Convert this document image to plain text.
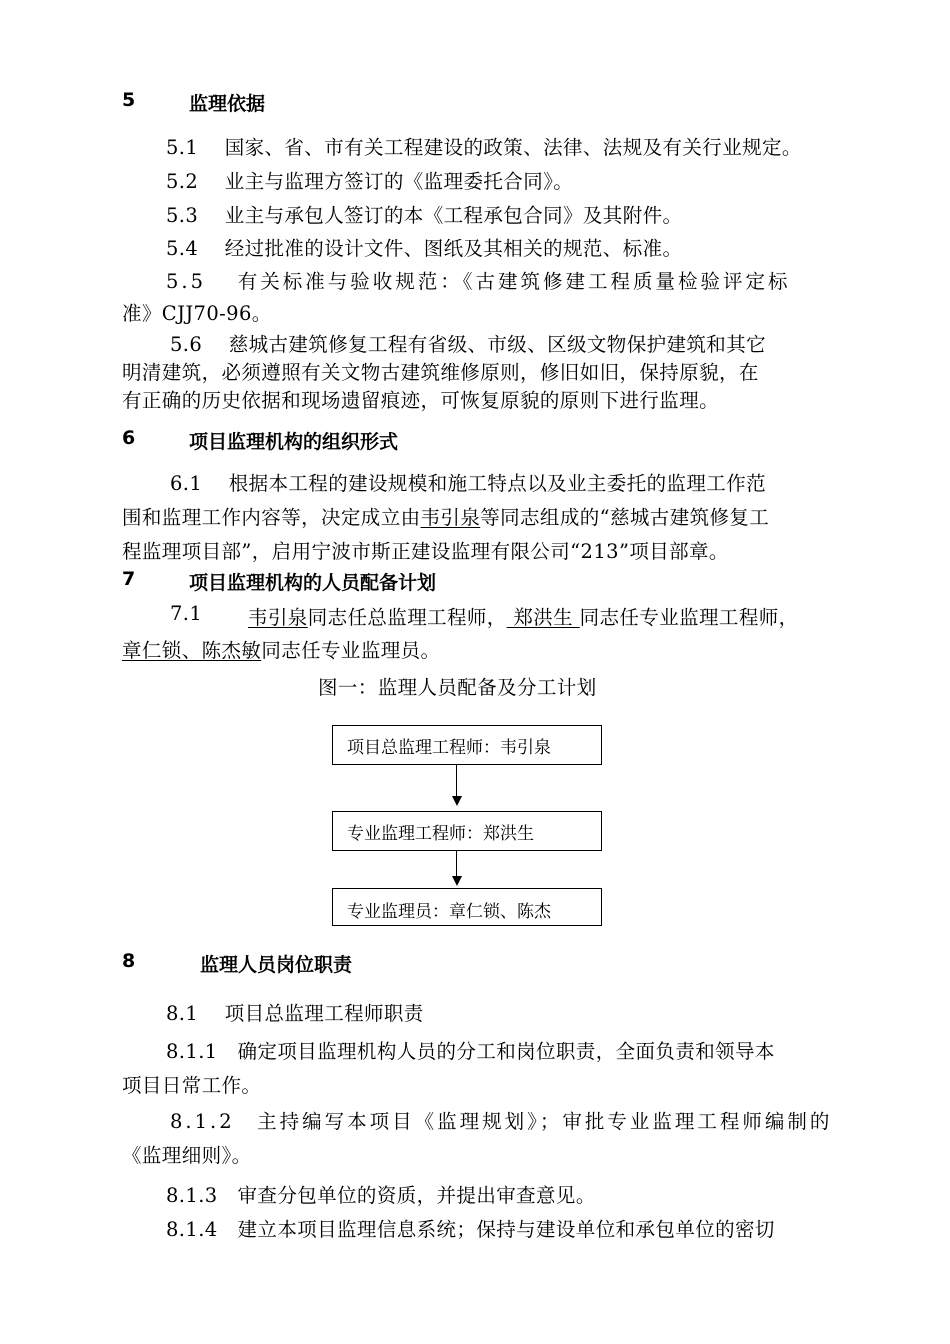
5	监理依据
5.1　 国家、省、市有关工程建设的政策、法律、法规及有关行业规定。
5.2　 业主与监理方签订的《监理委托合同》。
5.3　 业主与承包人签订的本《工程承包合同》及其附件。
5.4　 经过批准的设计文件、图纸及其相关的规范、标准。
5.5　 有关标准与验收规范：《古建筑修建工程质量检验评定标
准》CJJ70-96。
5.6　 慈城古建筑修复工程有省级、市级、区级文物保护建筑和其它
明清建筑，必须遵照有关文物古建筑维修原则，修旧如旧，保持原貌，在
有正确的历史依据和现场遗留痕迹，可恢复原貌的原则下进行监理。
6	项目监理机构的组织形式
6.1　 根据本工程的建设规模和施工特点以及业主委托的监理工作范
围和监理工作内容等，决定成立由韦引泉等同志组成的“慈城古建筑修复工
程监理项目部”，启用宁波市斯正建设监理有限公司“213”项目部章。
7	项目监理机构的人员配备计划
7.1 韦引泉同志任总监理工程师， 郑洪生 同志任专业监理工程师，
章仁锁、陈杰敏同志任专业监理员。
图一：监理人员配备及分工计划
项目总监理工程师：韦引泉
专业监理工程师：郑洪生
专业监理员：章仁锁、陈杰
8	监理人员岗位职责
8.1　 项目总监理工程师职责
8.1.1　确定项目监理机构人员的分工和岗位职责，全面负责和领导本
项目日常工作。
8.1.2　主持编写本项目《监理规划》；审批专业监理工程师编制的
《监理细则》。
8.1.3　审查分包单位的资质，并提出审查意见。
8.1.4　建立本项目监理信息系统；保持与建设单位和承包单位的密切
